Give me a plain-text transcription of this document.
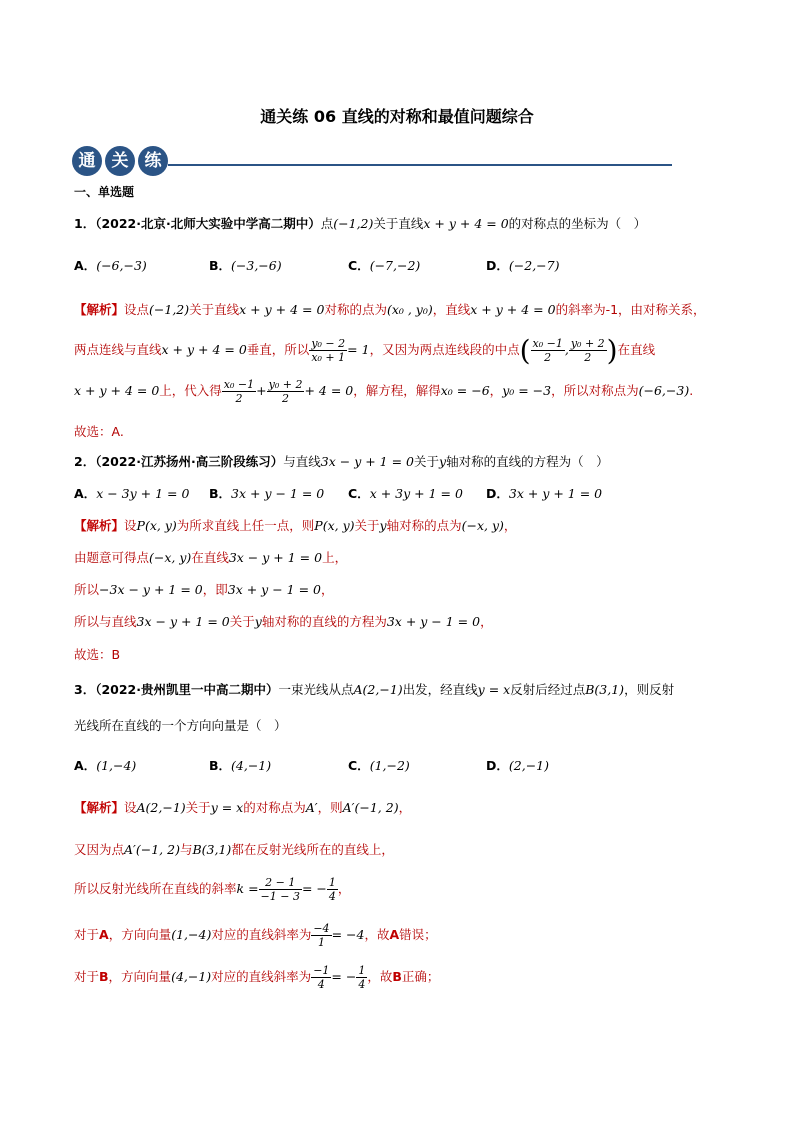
通关练 06 直线的对称和最值问题综合
通 关 练
一、单选题
1．（2022·北京·北师大实验中学高二期中）点(−1,2)关于直线x + y + 4 = 0的对称点的坐标为（　）
A．(−6,−3)	B．(−3,−6)	C．(−7,−2)	D．(−2,−7)
【解析】设点(−1,2)关于直线x + y + 4 = 0对称的点为(x₀ , y₀)，直线x + y + 4 = 0的斜率为-1，由对称关系，
两点连线与直线x + y + 4 = 0垂直，所以 $\frac{\text{y₀ − 2}}{\text{x₀ + 1}} = 1$，又因为两点连线段的中点( $\frac{\text{x₀ −1}}{2}$ , $\frac{\text{y₀ + 2}}{2}$ )在直线
x + y + 4 = 0上，代入得 $\frac{\text{x₀ −1}}{2} + \frac{\text{y₀ + 2}}{2} + 4 = 0$，解方程，解得x₀ = −6，y₀ = −3，所以对称点为(−6,−3).
故选：A.
2．（2022·江苏扬州·高三阶段练习）与直线3x − y + 1 = 0关于y轴对称的直线的方程为（　）
A．x − 3y + 1 = 0 B．3x + y − 1 = 0 C．x + 3y + 1 = 0 D．3x + y + 1 = 0
【解析】设P(x, y)为所求直线上任一点，则P(x, y)关于y轴对称的点为(−x, y)，
由题意可得点(−x, y)在直线3x − y + 1 = 0上，
所以−3x − y + 1 = 0，即3x + y − 1 = 0，
所以与直线3x − y + 1 = 0关于y轴对称的直线的方程为3x + y − 1 = 0，
故选：B
3．（2022·贵州凯里一中高二期中）一束光线从点A(2,−1)出发，经直线y = x反射后经过点B(3,1)，则反射
光线所在直线的一个方向向量是（　）
A．(1,−4)	B．(4,−1)	C．(1,−2)	D．(2,−1)
【解析】设A(2,−1)关于y = x的对称点为A′，则A′(−1, 2)，
又因为点A′(−1, 2)与B(3,1)都在反射光线所在的直线上，
所以反射光线所在直线的斜率$k = \frac{2 - 1}{-1 - 3}$ = − $\frac{1}{4}$ ，
对于A，方向向量(1,−4)对应的直线斜率为 $\frac{-4}{1} = -4$，故A错误；
对于B，方向向量(4,−1)对应的直线斜率为 $\frac{-1}{4}$ = − $\frac{1}{4}$ ，故B正确；
